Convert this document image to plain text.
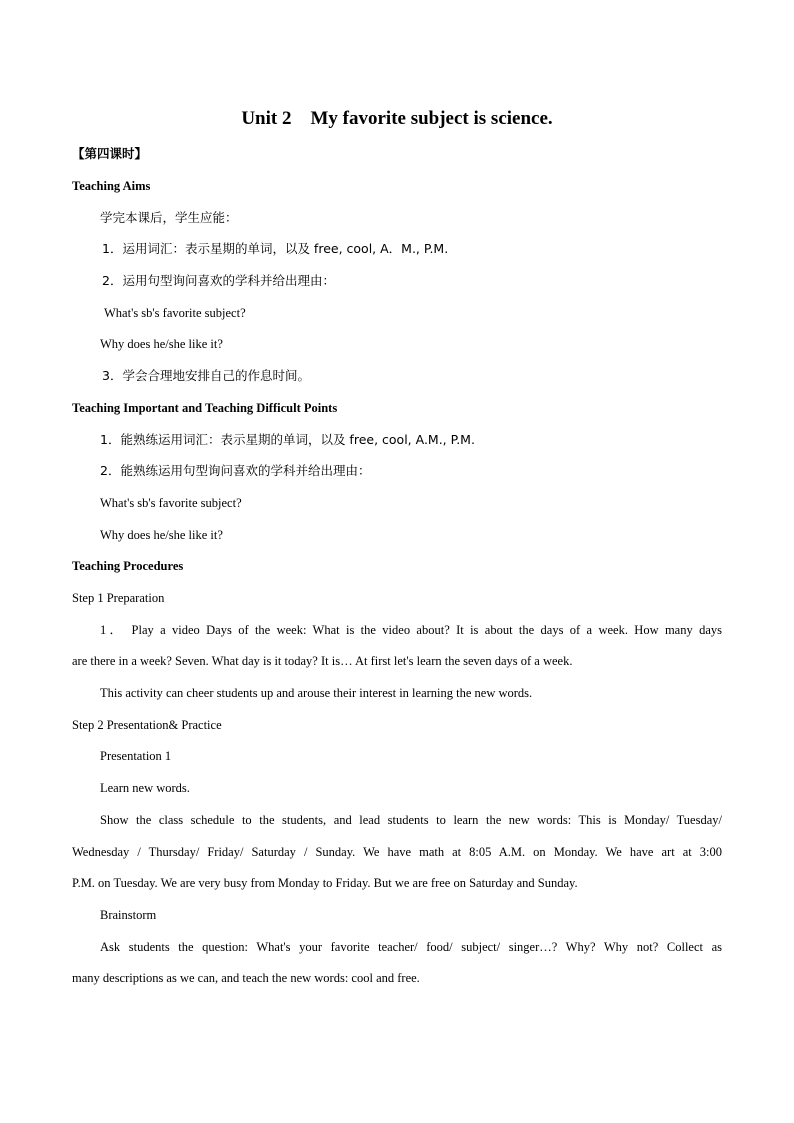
Unit 2    My favorite subject is science.
【第四课时】
Teaching Aims
学完本课后，学生应能：
1．运用词汇：表示星期的单词，以及 free, cool, A．M., P.M.
2．运用句型询问喜欢的学科并给出理由：
What's sb's favorite subject?
Why does he/she like it?
3．学会合理地安排自己的作息时间。
Teaching Important and Teaching Difficult Points
1．能熟练运用词汇：表示星期的单词，以及 free, cool, A.M., P.M.
2．能熟练运用句型询问喜欢的学科并给出理由：
What's sb's favorite subject?
Why does he/she like it?
Teaching Procedures
Step 1 Preparation
1． Play a video Days of the week: What is the video about? It is about the days of a week. How many days
are there in a week? Seven. What day is it today? It is… At first let's learn the seven days of a week.
This activity can cheer students up and arouse their interest in learning the new words.
Step 2 Presentation& Practice
Presentation 1
Learn new words.
Show the class schedule to the students, and lead students to learn the new words: This is Monday/ Tuesday/
Wednesday / Thursday/ Friday/ Saturday / Sunday. We have math at 8:05 A.M. on Monday. We have art at 3:00
P.M. on Tuesday. We are very busy from Monday to Friday. But we are free on Saturday and Sunday.
Brainstorm
Ask students the question: What's your favorite teacher/ food/ subject/ singer…? Why? Why not? Collect as
many descriptions as we can, and teach the new words: cool and free.
